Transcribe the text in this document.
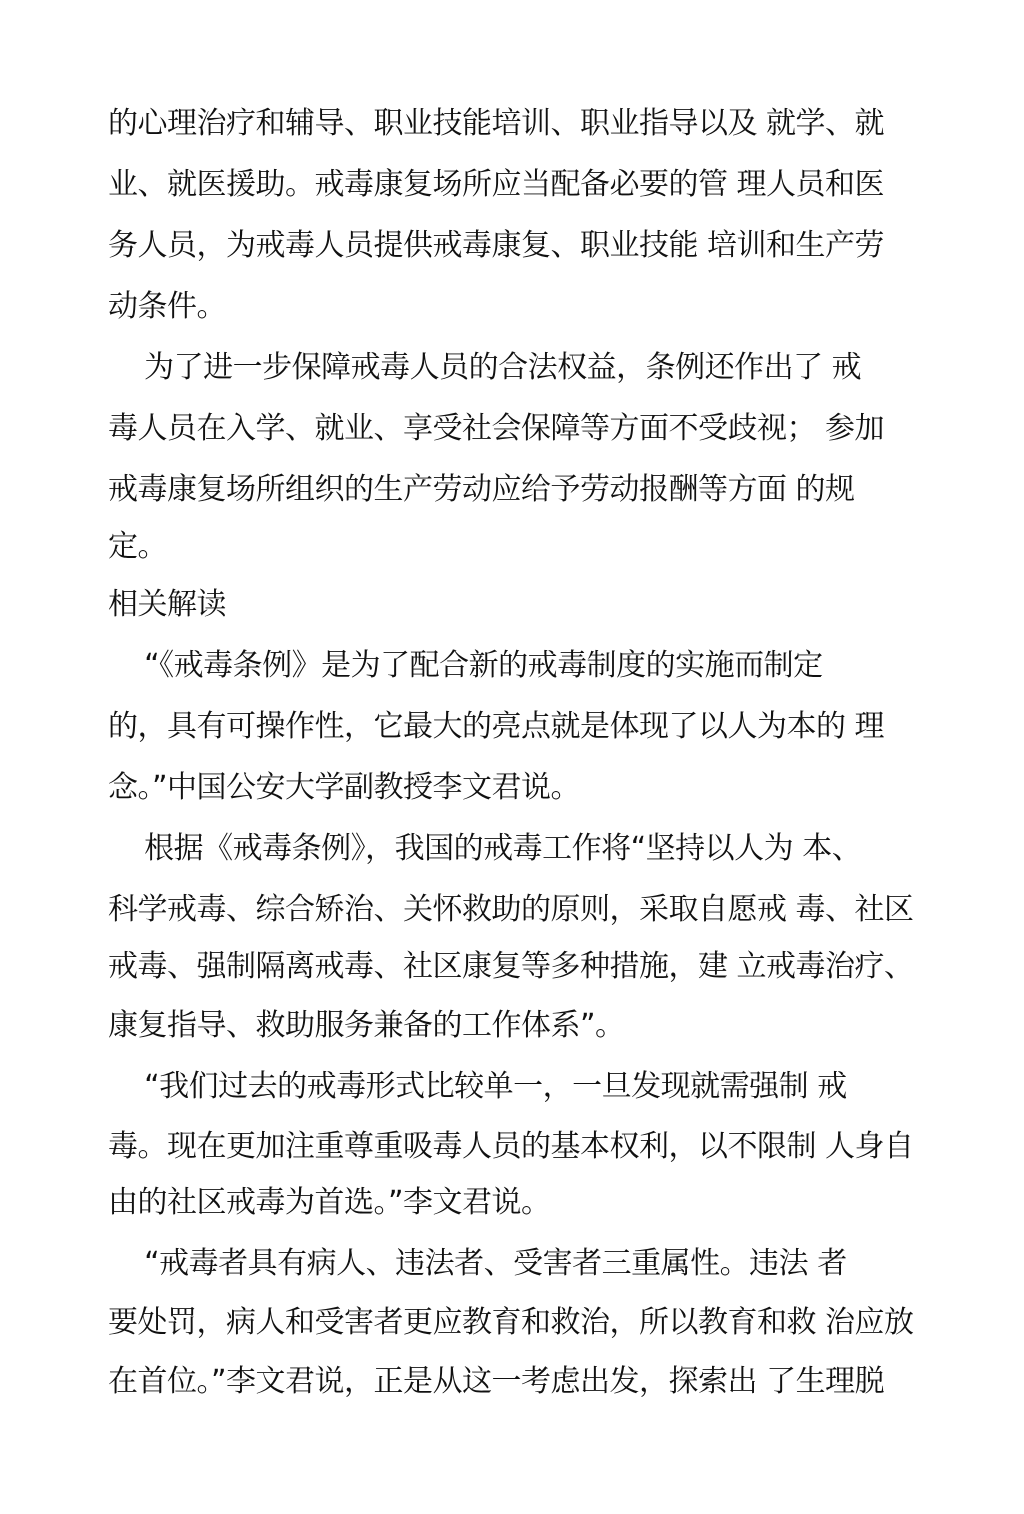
的心理治疗和辅导、职业技能培训、职业指导以及 就学、就
业、就医援助。戒毒康复场所应当配备必要的管 理人员和医
务人员，为戒毒人员提供戒毒康复、职业技能 培训和生产劳
动条件。
为了进一步保障戒毒人员的合法权益，条例还作出了 戒
毒人员在入学、就业、享受社会保障等方面不受歧视； 参加
戒毒康复场所组织的生产劳动应给予劳动报酬等方面 的规
定。
相关解读
“《戒毒条例》是为了配合新的戒毒制度的实施而制定
的，具有可操作性，它最大的亮点就是体现了以人为本的 理
念。”中国公安大学副教授李文君说。
根据《戒毒条例》，我国的戒毒工作将“坚持以人为 本、
科学戒毒、综合矫治、关怀救助的原则，采取自愿戒 毒、社区
戒毒、强制隔离戒毒、社区康复等多种措施，建 立戒毒治疗、
康复指导、救助服务兼备的工作体系”。
“我们过去的戒毒形式比较单一，一旦发现就需强制 戒
毒。现在更加注重尊重吸毒人员的基本权利，以不限制 人身自
由的社区戒毒为首选。”李文君说。
“戒毒者具有病人、违法者、受害者三重属性。违法 者
要处罚，病人和受害者更应教育和救治，所以教育和救 治应放
在首位。”李文君说，正是从这一考虑出发，探索出 了生理脱
